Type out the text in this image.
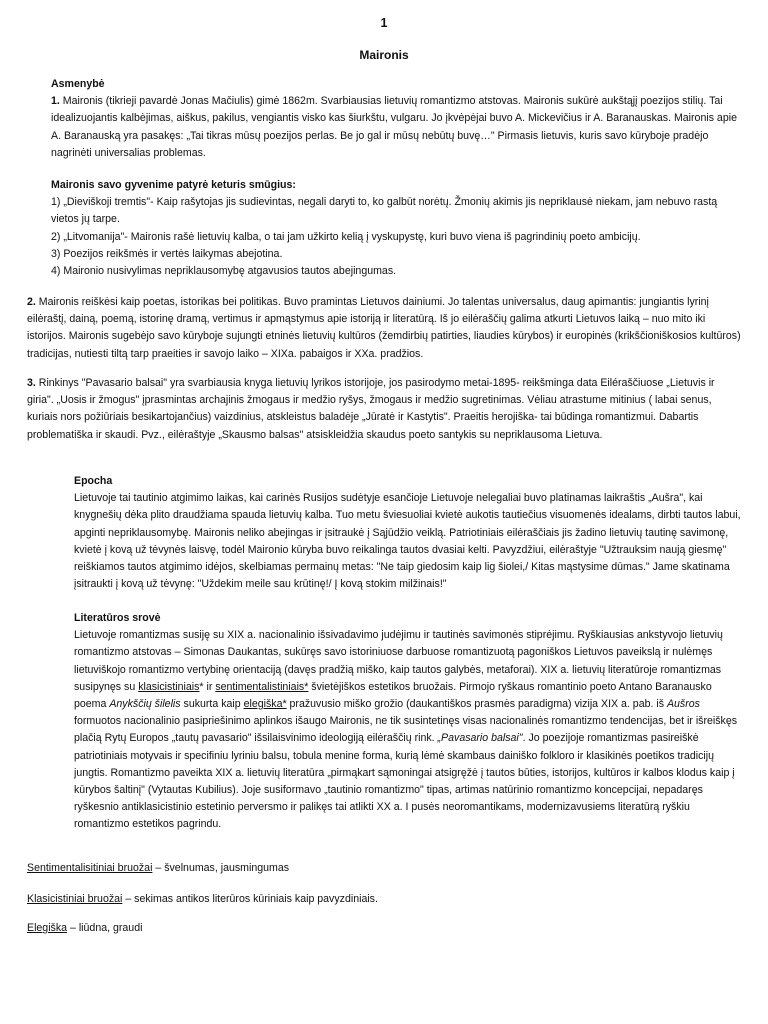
1
Maironis

Asmenybė

1. Maironis (tikrieji pavardė Jonas Mačiulis) gimė 1862m. Svarbiausias lietuvių romantizmo atstovas. Maironis sukūrė aukštąjį poezijos stilių. Tai idealizuojantis kalbėjimas, aiškus, pakilus, vengiantis visko kas šiurkštu, vulgaru. Jo įkvėpėjai buvo A. Mickevičius ir A. Baranauskas. Maironis apie A. Baranauską yra pasakęs: „Tai tikras mūsų poezijos perlas. Be jo gal ir mūsų nebūtų buvę…" Pirmasis lietuvis, kuris savo kūryboje pradėjo nagrinėti universalias problemas.

Maironis savo gyvenime patyrė keturis smūgius:

1) „Dieviškoji tremtis"- Kaip rašytojas jis sudievintas, negali daryti to, ko galbūt norėtų. Žmonių akimis jis nepriklausė niekam, jam nebuvo rastą vietos jų tarpe.

2) „Litvomanija"- Maironis rašė lietuvių kalba, o tai jam užkirto kelią į vyskupystę, kuri buvo viena iš pagrindinių poeto ambicijų.

3) Poezijos reikšmės ir vertės laikymas abejotina.

4) Maironio nusivylimas nepriklausomybę atgavusios tautos abejingumas.

2. Maironis reiškėsi kaip poetas, istorikas bei politikas. Buvo pramintas Lietuvos dainiumi. Jo talentas universalus, daug apimantis: jungiantis lyrinį eilėraštį, dainą, poemą, istorinę dramą, vertimus ir apmąstymus apie istoriją ir literatūrą. Iš jo eilėraščių galima atkurti Lietuvos laiką – nuo mito iki istorijos. Maironis sugebėjo savo kūryboje sujungti etninės lietuvių kultūros (žemdirbių patirties, liaudies kūrybos) ir europinės (krikščioniškosios kultūros) tradicijas, nutiesti tiltą tarp praeities ir savojo laiko – XIXa. pabaigos ir XXa. pradžios.

3. Rinkinys "Pavasario balsai" yra svarbiausia knyga lietuvių lyrikos istorijoje, jos pasirodymo metai-1895- reikšminga data Eiléraščiuose „Lietuvis ir giria". „Uosis ir žmogus" įprasmintas archajinis žmogaus ir medžio ryšys, žmogaus ir medžio sugretinimas. Vėliau atrastume mitinius ( labai senus, kuriais nors požiūriais besikartojančius) vaizdinius, atskleistus baladėje „Jūratė ir Kastytis". Praeitis herojiška- tai būdinga romantizmui. Dabartis problematiška ir skaudi. Pvz., eilėraštyje „Skausmo balsas" atsiskleidžia skaudus poeto santykis su nepriklausoma Lietuva.

Epocha

Lietuvoje tai tautinio atgimimo laikas, kai carinės Rusijos sudėtyje esančioje Lietuvoje nelegaliai buvo platinamas laikraštis „Aušra", kai knygnešių dėka plito draudžiama spauda lietuvių kalba. Tuo metu šviesuoliai kvietė aukotis tautiečius visuomenės idealams, dirbti tautos labui, apginti nepriklausomybę. Maironis neliko abejingas ir įsitraukė į Sąjūdžio veiklą. Patriotiniais eilėraščiais jis žadino lietuvių tautinę savimonę, kvietė į kovą už tėvynės laisvę, todėl Maironio kūryba buvo reikalinga tautos dvasiai kelti. Pavyzdžiui, eilėraštyje "Užtrauksim naują giesmę" reiškiamos tautos atgimimo idėjos, skelbiamas permainų metas: "Ne taip giedosim kaip lig šiolei,/ Kitas mąstysime dūmas." Jame skatinama įsitraukti į kovą už tėvynę: "Uždekim meile sau krūtinę!/ Į kovą stokim milžinais!"

Literatūros srovė

Lietuvoje romantizmas susiję su XIX a. nacionalinio išsivadavimo judėjimu ir tautinės savimonės stiprėjimu. Ryškiausias ankstyvojo lietuvių romantizmo atstovas – Simonas Daukantas, sukūręs savo istoriniuose darbuose romantizuotą pagoniškos Lietuvos paveikslą ir nulėmęs lietuviškojo romantizmo vertybinę orientaciją (davęs pradžią miško, kaip tautos galybės, metaforai). XIX a. lietuvių literatūroje romantizmas susipynęs su klasicistiniais* ir sentimentalistiniais* švietėjiškos estetikos bruožais. Pirmojo ryškaus romantinio poeto Antano Baranausko poema Anykščių šilelis sukurta kaip elegiška* pražuvusio miško grožio (daukantiškos prasmės paradigma) vizija XIX a. pab. iš Aušros formuotos nacionalinio pasipriešinimo aplinkos išaugo Maironis, ne tik susintetinęs visas nacionalinės romantizmo tendencijas, bet ir išreiškęs plačią Rytų Europos „tautų pavasario" išsilaisvinimo ideologiją eilėraščių rink. „Pavasario balsai". Jo poezijoje romantizmas pasireiškė patriotiniais motyvais ir specifiniu lyriniu balsu, tobula menine forma, kurią lėmė skambaus dainiško folkloro ir klasikinės poetikos tradicijų jungtis. Romantizmo paveikta XIX a. lietuvių literatūra „pirmąkart sąmoningai atsigręžė į tautos būties, istorijos, kultūros ir kalbos klodus kaip į kūrybos šaltinį" (Vytautas Kubilius). Joje susiformavo „tautinio romantizmo" tipas, artimas natūrinio romantizmo koncepcijai, nepadaręs ryškesnio antiklasicistinio estetinio perversmo ir palikęs tai atlikti XX a. I pusės neoromantikams, modernizavusiems literatūrą ryškiu romantizmo estetikos pagrindu.

Sentimentalisitiniai bruožai – švelnumas, jausmingumas
Klasicistiniai bruožai – sekimas antikos literūros kūriniais kaip pavyzdiniais.
Elegiška – liūdna, graudi
